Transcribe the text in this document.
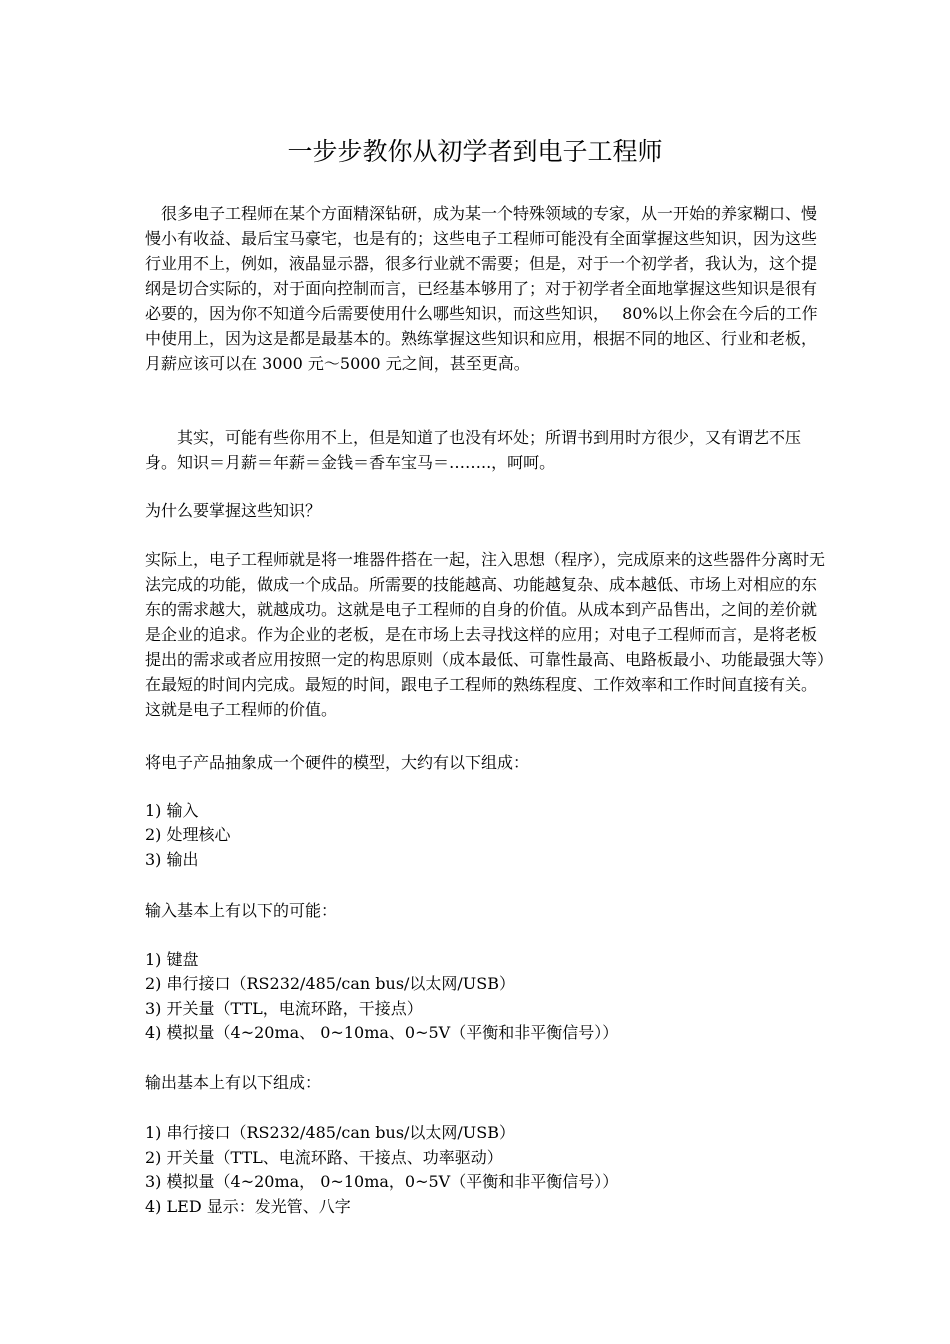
一步步教你从初学者到电子工程师

　很多电子工程师在某个方面精深钻研，成为某一个特殊领域的专家，从一开始的养家糊口、慢慢小有收益、最后宝马豪宅，也是有的；这些电子工程师可能没有全面掌握这些知识，因为这些行业用不上，例如，液晶显示器，很多行业就不需要；但是，对于一个初学者，我认为，这个提纲是切合实际的，对于面向控制而言，已经基本够用了；对于初学者全面地掌握这些知识是很有必要的，因为你不知道今后需要使用什么哪些知识，而这些知识，　 80%以上你会在今后的工作中使用上，因为这是都是最基本的。熟练掌握这些知识和应用，根据不同的地区、行业和老板，月薪应该可以在 3000 元～5000 元之间，甚至更高。

　　其实，可能有些你用不上，但是知道了也没有坏处；所谓书到用时方很少，又有谓艺不压身。知识＝月薪＝年薪＝金钱＝香车宝马＝……..，呵呵。

为什么要掌握这些知识？

实际上，电子工程师就是将一堆器件搭在一起，注入思想（程序），完成原来的这些器件分离时无法完成的功能，做成一个成品。所需要的技能越高、功能越复杂、成本越低、市场上对相应的东东的需求越大，就越成功。这就是电子工程师的自身的价值。从成本到产品售出，之间的差价就是企业的追求。作为企业的老板，是在市场上去寻找这样的应用；对电子工程师而言，是将老板提出的需求或者应用按照一定的构思原则（成本最低、可靠性最高、电路板最小、功能最强大等）在最短的时间内完成。最短的时间，跟电子工程师的熟练程度、工作效率和工作时间直接有关。这就是电子工程师的价值。

将电子产品抽象成一个硬件的模型，大约有以下组成：

1) 输入

2) 处理核心

3) 输出

输入基本上有以下的可能：

1) 键盘

2) 串行接口（RS232/485/can bus/以太网/USB）

3) 开关量（TTL，电流环路，干接点）

4) 模拟量（4~20ma、 0~10ma、0~5V（平衡和非平衡信号））

输出基本上有以下组成：

1) 串行接口（RS232/485/can bus/以太网/USB）

2) 开关量（TTL、电流环路、干接点、功率驱动）

3) 模拟量（4~20ma， 0~10ma，0~5V（平衡和非平衡信号））

4) LED 显示：发光管、八字
